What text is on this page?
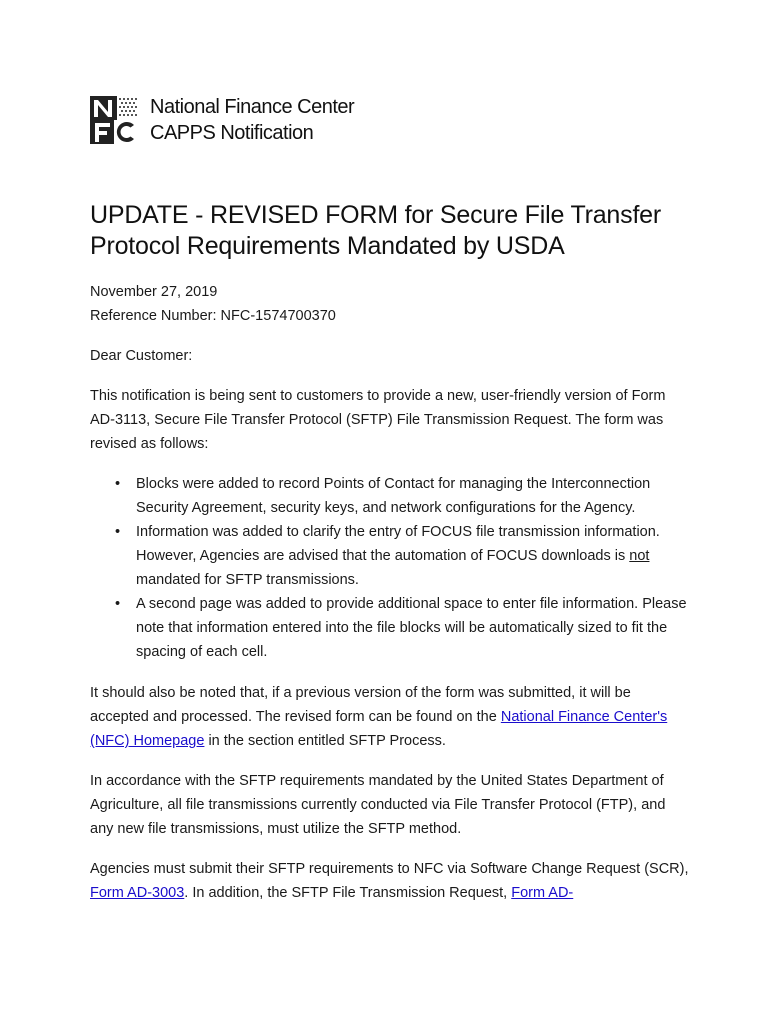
National Finance Center
CAPPS Notification
UPDATE - REVISED FORM for Secure File Transfer Protocol Requirements Mandated by USDA

November 27, 2019
Reference Number: NFC-1574700370

Dear Customer:

This notification is being sent to customers to provide a new, user-friendly version of Form AD-3113, Secure File Transfer Protocol (SFTP) File Transmission Request. The form was revised as follows:

• Blocks were added to record Points of Contact for managing the Interconnection Security Agreement, security keys, and network configurations for the Agency.
• Information was added to clarify the entry of FOCUS file transmission information. However, Agencies are advised that the automation of FOCUS downloads is not mandated for SFTP transmissions.
• A second page was added to provide additional space to enter file information. Please note that information entered into the file blocks will be automatically sized to fit the spacing of each cell.

It should also be noted that, if a previous version of the form was submitted, it will be accepted and processed. The revised form can be found on the National Finance Center's (NFC) Homepage in the section entitled SFTP Process.

In accordance with the SFTP requirements mandated by the United States Department of Agriculture, all file transmissions currently conducted via File Transfer Protocol (FTP), and any new file transmissions, must utilize the SFTP method.

Agencies must submit their SFTP requirements to NFC via Software Change Request (SCR), Form AD-3003. In addition, the SFTP File Transmission Request, Form AD-
